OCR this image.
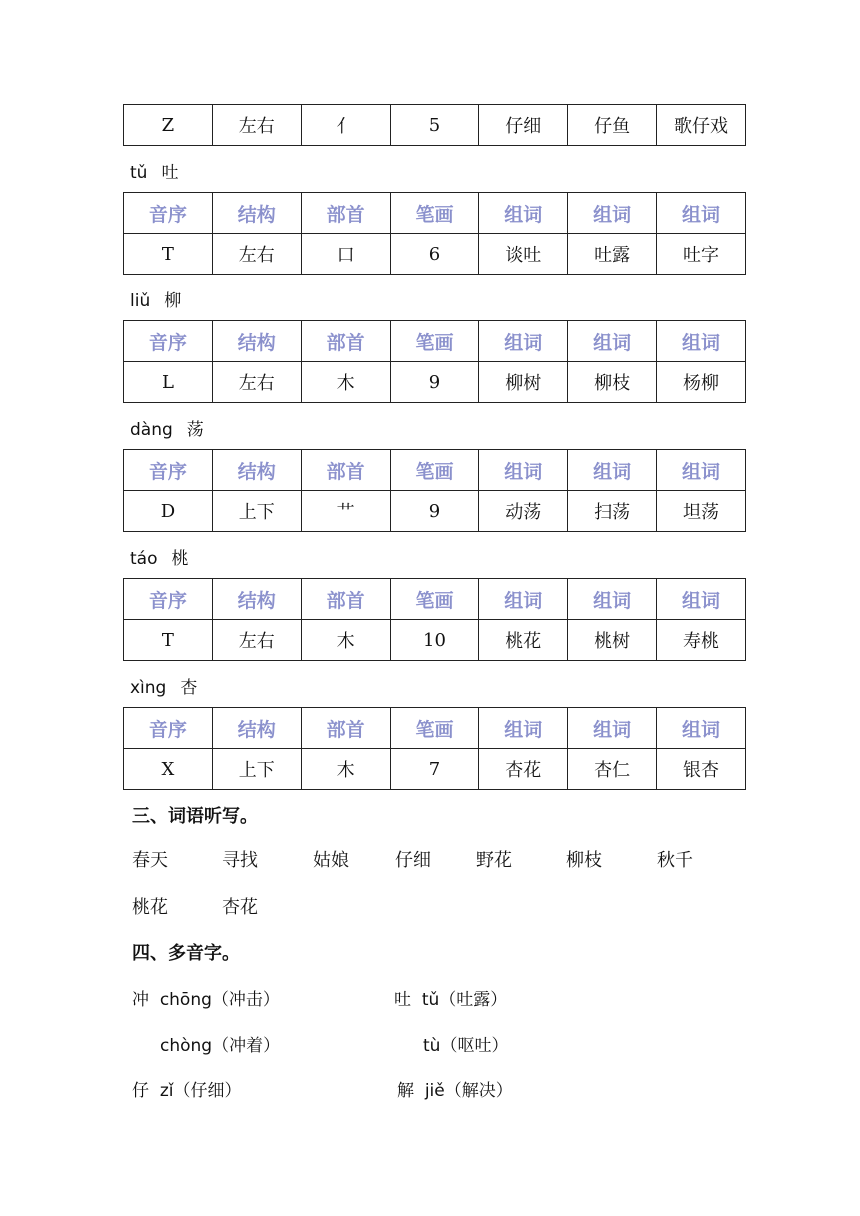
Z	左右	亻	5	仔细	仔鱼	歌仔戏
tǔ 吐
音序	结构	部首	笔画	组词	组词	组词
T	左右	口	6	谈吐	吐露	吐字
liǔ 柳
音序	结构	部首	笔画	组词	组词	组词
L	左右	木	9	柳树	柳枝	杨柳
dàng 荡
音序	结构	部首	笔画	组词	组词	组词
D	上下	艹	9	动荡	扫荡	坦荡
táo 桃
音序	结构	部首	笔画	组词	组词	组词
T	左右	木	10	桃花	桃树	寿桃
xìng 杏
音序	结构	部首	笔画	组词	组词	组词
X	上下	木	7	杏花	杏仁	银杏
三、词语听写。
春天	寻找	姑娘	仔细	野花	柳枝	秋千
桃花	杏花
四、多音字。
冲 chōng（冲击）
chòng（冲着）
仔 zǐ（仔细）
吐 tǔ（吐露）
tù（呕吐）
解 jiě（解决）
